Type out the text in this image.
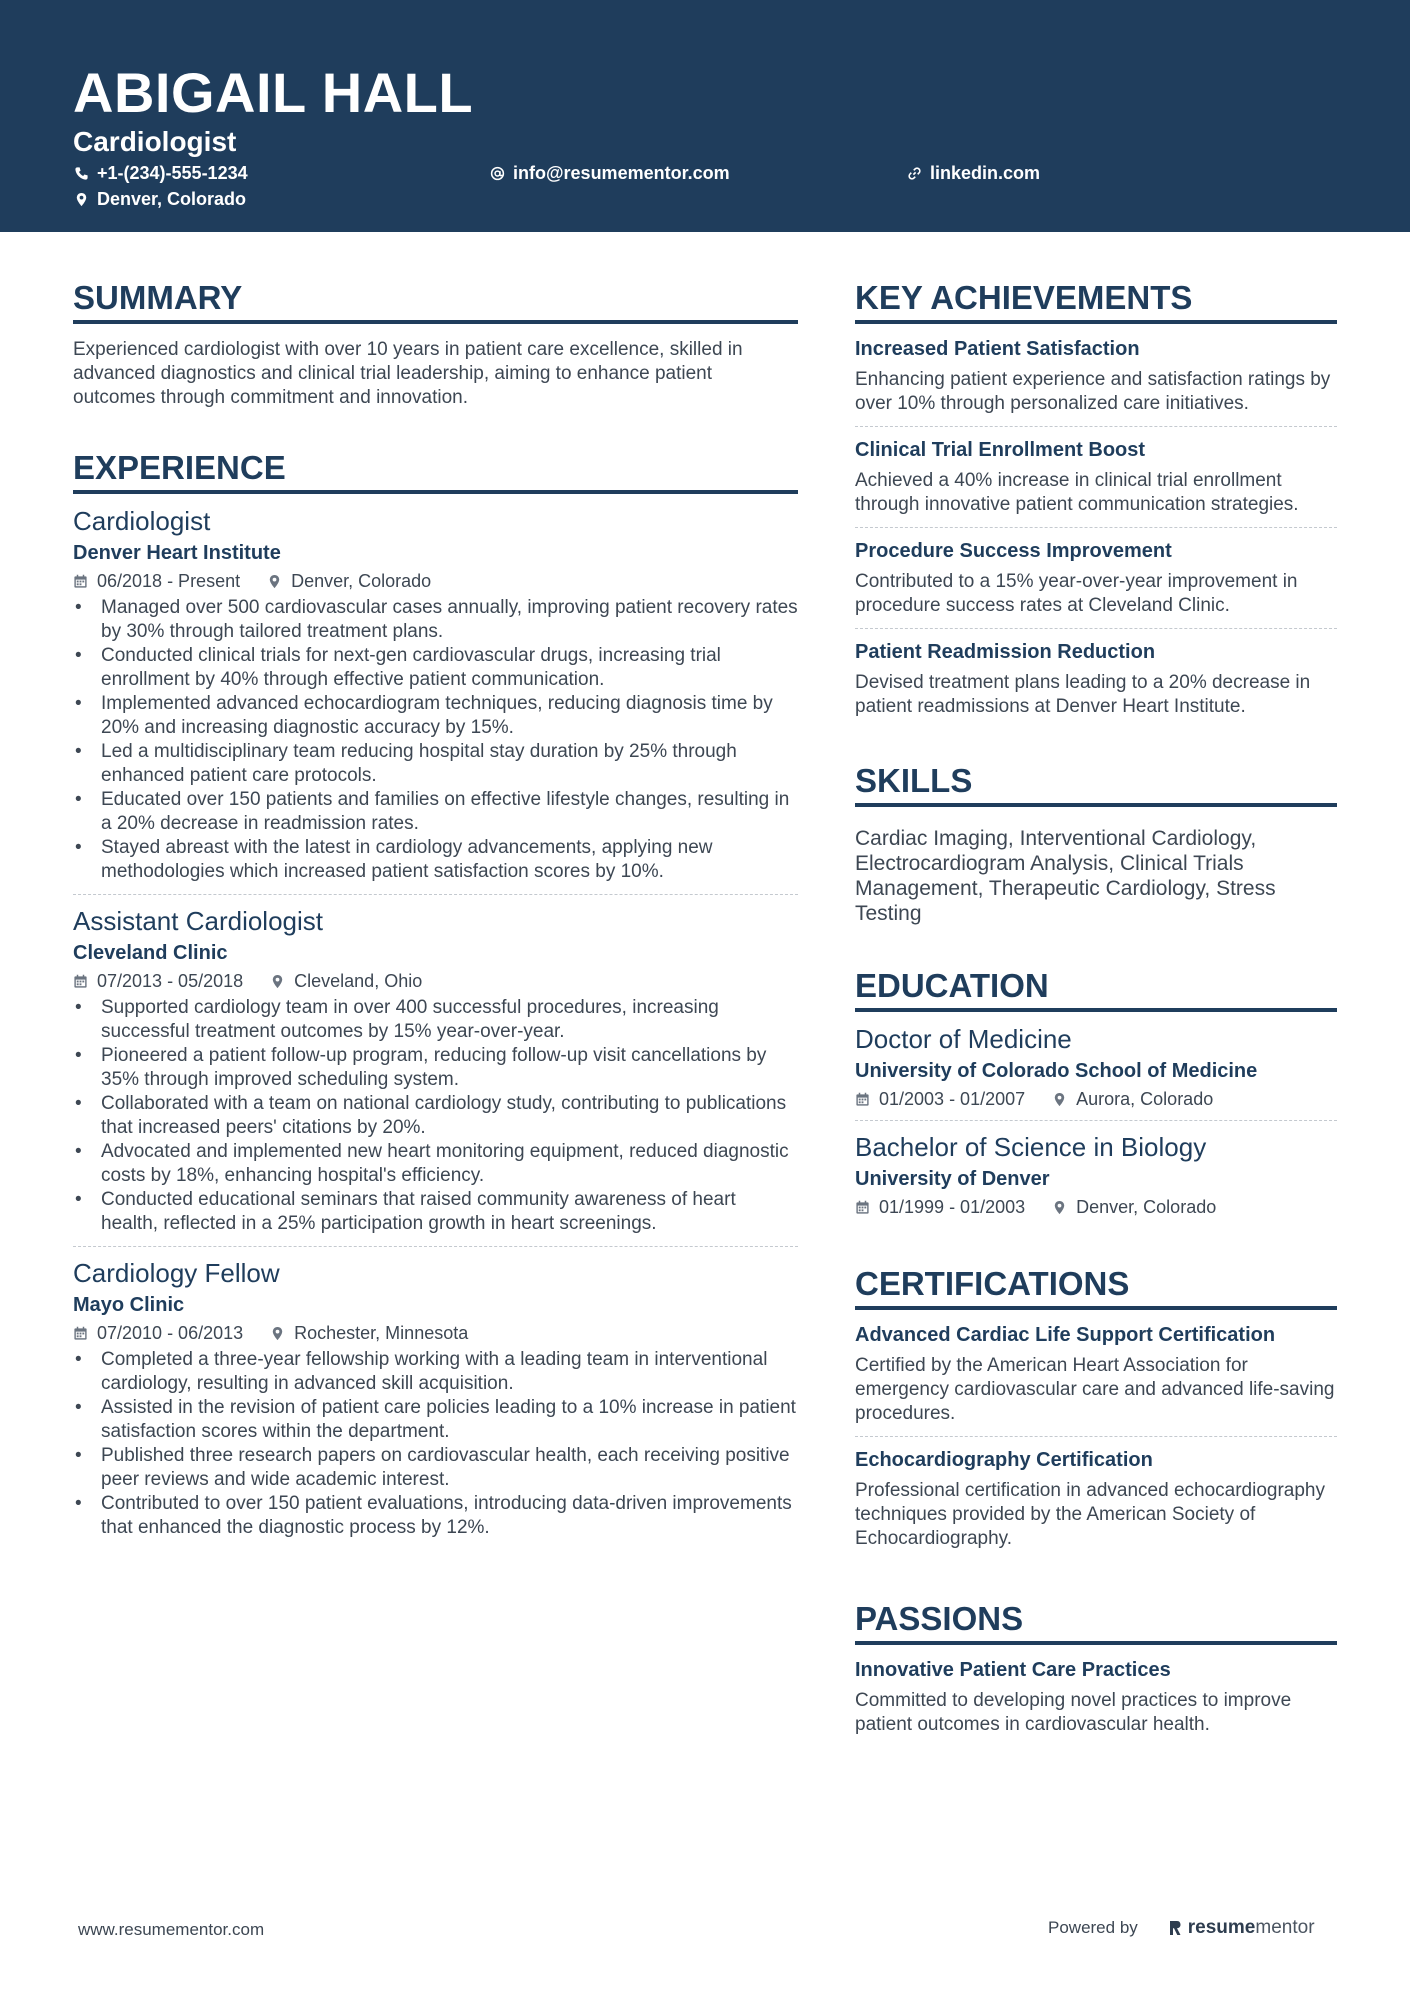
ABIGAIL HALL
Cardiologist
+1-(234)-555-1234	info@resumementor.com	linkedin.com
Denver, Colorado
SUMMARY
Experienced cardiologist with over 10 years in patient care excellence, skilled in advanced diagnostics and clinical trial leadership, aiming to enhance patient outcomes through commitment and innovation.
EXPERIENCE
Cardiologist
Denver Heart Institute
06/2018 - Present	Denver, Colorado
• Managed over 500 cardiovascular cases annually, improving patient recovery rates by 30% through tailored treatment plans.
• Conducted clinical trials for next-gen cardiovascular drugs, increasing trial enrollment by 40% through effective patient communication.
• Implemented advanced echocardiogram techniques, reducing diagnosis time by 20% and increasing diagnostic accuracy by 15%.
• Led a multidisciplinary team reducing hospital stay duration by 25% through enhanced patient care protocols.
• Educated over 150 patients and families on effective lifestyle changes, resulting in a 20% decrease in readmission rates.
• Stayed abreast with the latest in cardiology advancements, applying new methodologies which increased patient satisfaction scores by 10%.
Assistant Cardiologist
Cleveland Clinic
07/2013 - 05/2018	Cleveland, Ohio
• Supported cardiology team in over 400 successful procedures, increasing successful treatment outcomes by 15% year-over-year.
• Pioneered a patient follow-up program, reducing follow-up visit cancellations by 35% through improved scheduling system.
• Collaborated with a team on national cardiology study, contributing to publications that increased peers' citations by 20%.
• Advocated and implemented new heart monitoring equipment, reduced diagnostic costs by 18%, enhancing hospital's efficiency.
• Conducted educational seminars that raised community awareness of heart health, reflected in a 25% participation growth in heart screenings.
Cardiology Fellow
Mayo Clinic
07/2010 - 06/2013	Rochester, Minnesota
• Completed a three-year fellowship working with a leading team in interventional cardiology, resulting in advanced skill acquisition.
• Assisted in the revision of patient care policies leading to a 10% increase in patient satisfaction scores within the department.
• Published three research papers on cardiovascular health, each receiving positive peer reviews and wide academic interest.
• Contributed to over 150 patient evaluations, introducing data-driven improvements that enhanced the diagnostic process by 12%.
KEY ACHIEVEMENTS
Increased Patient Satisfaction
Enhancing patient experience and satisfaction ratings by over 10% through personalized care initiatives.
Clinical Trial Enrollment Boost
Achieved a 40% increase in clinical trial enrollment through innovative patient communication strategies.
Procedure Success Improvement
Contributed to a 15% year-over-year improvement in procedure success rates at Cleveland Clinic.
Patient Readmission Reduction
Devised treatment plans leading to a 20% decrease in patient readmissions at Denver Heart Institute.
SKILLS
Cardiac Imaging, Interventional Cardiology, Electrocardiogram Analysis, Clinical Trials Management, Therapeutic Cardiology, Stress Testing
EDUCATION
Doctor of Medicine
University of Colorado School of Medicine
01/2003 - 01/2007	Aurora, Colorado
Bachelor of Science in Biology
University of Denver
01/1999 - 01/2003	Denver, Colorado
CERTIFICATIONS
Advanced Cardiac Life Support Certification
Certified by the American Heart Association for emergency cardiovascular care and advanced life-saving procedures.
Echocardiography Certification
Professional certification in advanced echocardiography techniques provided by the American Society of Echocardiography.
PASSIONS
Innovative Patient Care Practices
Committed to developing novel practices to improve patient outcomes in cardiovascular health.
www.resumementor.com	Powered by	resume mentor
